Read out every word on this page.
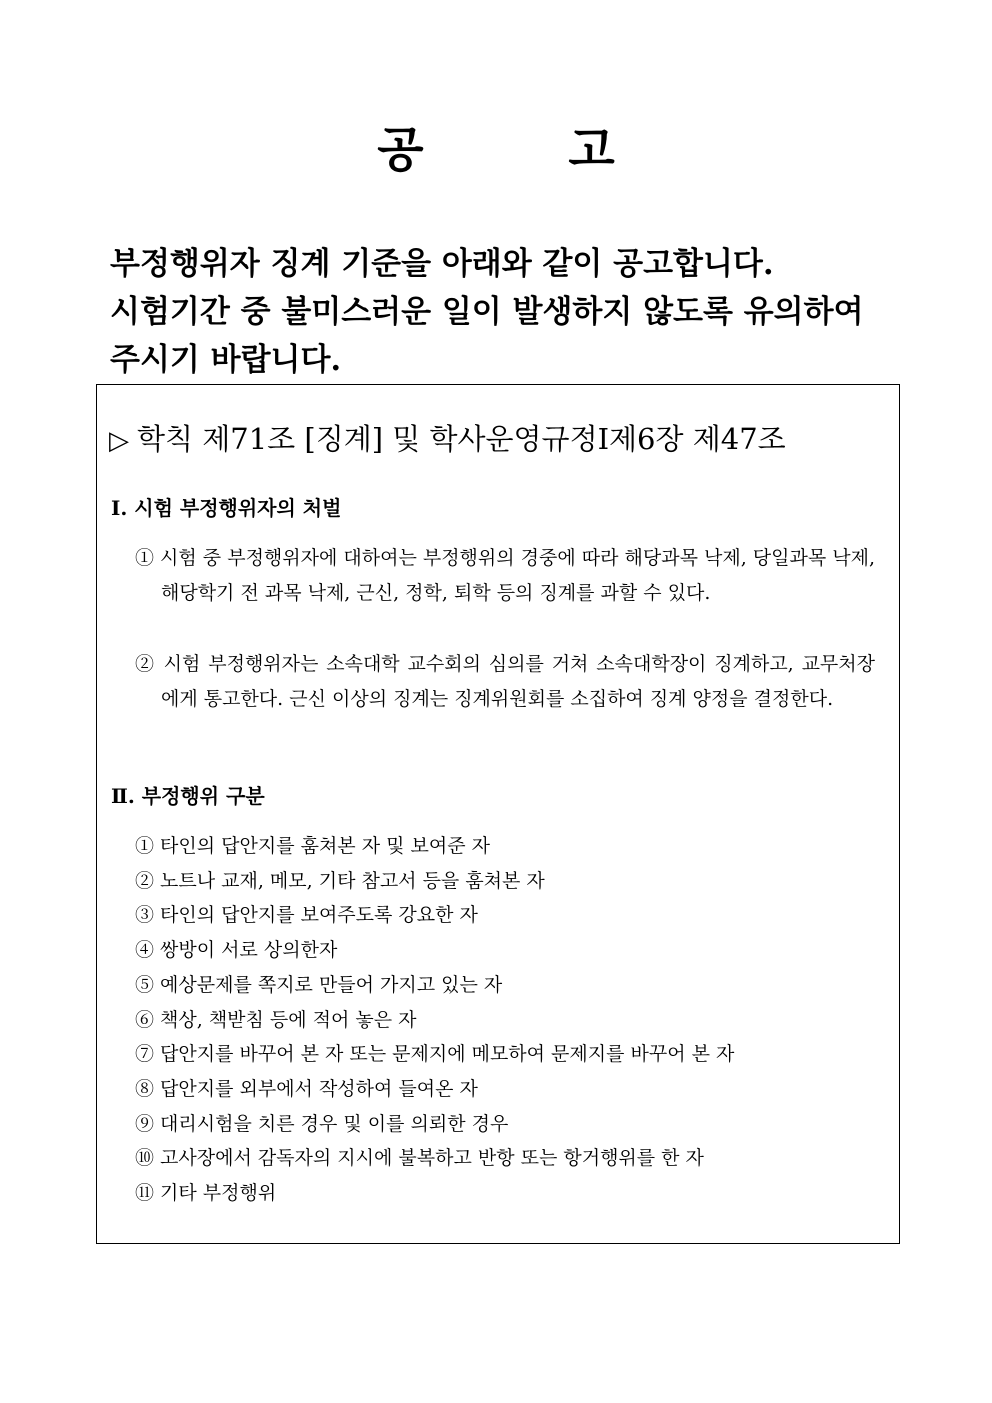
공 고
부정행위자 징계 기준을 아래와 같이 공고합니다.
시험기간 중 불미스러운 일이 발생하지 않도록 유의하여
주시기 바랍니다.
▷ 학칙 제71조 [징계] 및 학사운영규정Ⅰ제6장 제47조
Ⅰ. 시험 부정행위자의 처벌
① 시험 중 부정행위자에 대하여는 부정행위의 경중에 따라 해당과목 낙제, 당일과목 낙제, 해당학기 전 과목 낙제, 근신, 정학, 퇴학 등의 징계를 과할 수 있다.
② 시험 부정행위자는 소속대학 교수회의 심의를 거쳐 소속대학장이 징계하고, 교무처장에게 통고한다. 근신 이상의 징계는 징계위원회를 소집하여 징계 양정을 결정한다.
Ⅱ. 부정행위 구분
① 타인의 답안지를 훔쳐본 자 및 보여준 자
② 노트나 교재, 메모, 기타 참고서 등을 훔쳐본 자
③ 타인의 답안지를 보여주도록 강요한 자
④ 쌍방이 서로 상의한자
⑤ 예상문제를 쪽지로 만들어 가지고 있는 자
⑥ 책상, 책받침 등에 적어 놓은 자
⑦ 답안지를 바꾸어 본 자 또는 문제지에 메모하여 문제지를 바꾸어 본 자
⑧ 답안지를 외부에서 작성하여 들여온 자
⑨ 대리시험을 치른 경우 및 이를 의뢰한 경우
⑩ 고사장에서 감독자의 지시에 불복하고 반항 또는 항거행위를 한 자
⑪ 기타 부정행위
